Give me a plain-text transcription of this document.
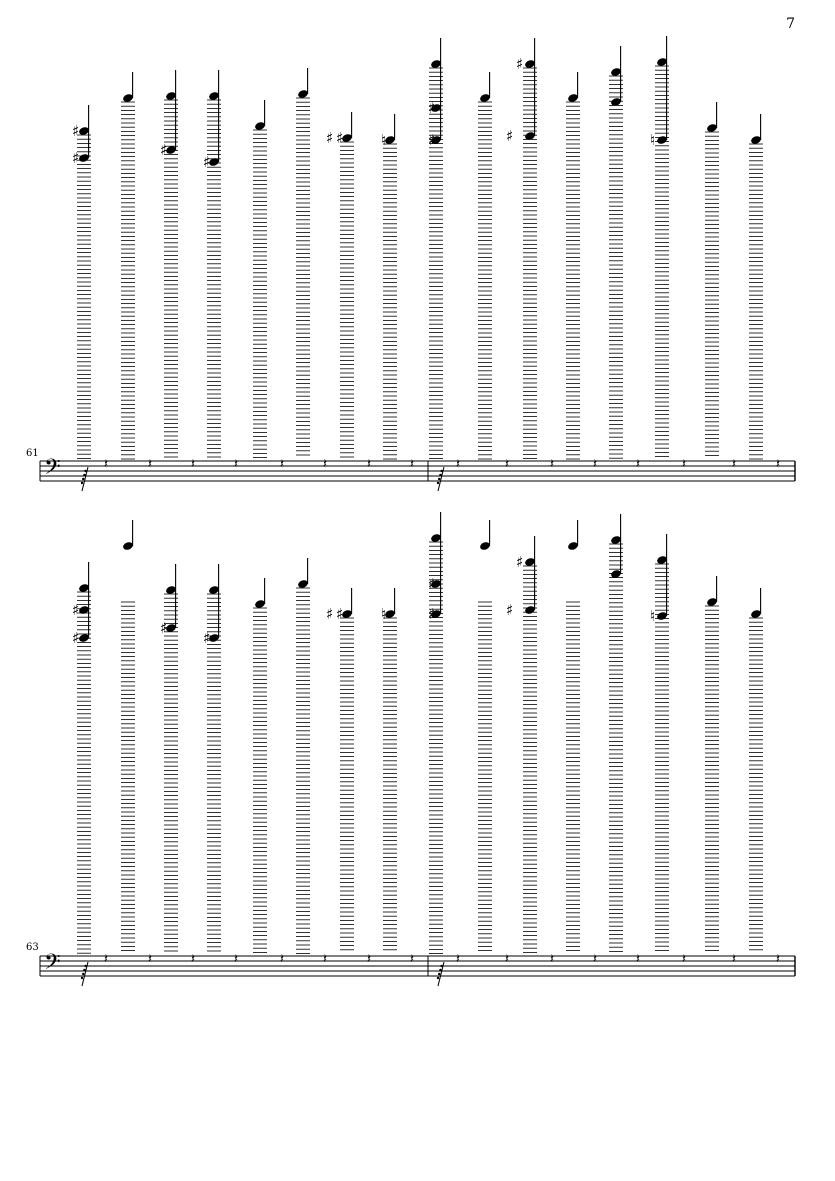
7
61
63
𝄢	𝄽
♯
♯
𝄽	𝄽
♯
𝄽
♯
𝄽	𝄽	𝄽
♯ ♯
𝄽
♮
𝄽
♯
♯
𝄽	𝄽
♯
♯
𝄽	𝄽	𝄽
♮
𝄽	𝄽
𝄢	𝄽
♯
♯
𝄽	𝄽
♯
𝄽
♯
𝄽	𝄽	𝄽
♯ ♯
𝄽
♮
𝄽
♯
♯
𝄽	𝄽
♯
♯
𝄽	𝄽	𝄽
♮
𝄽	𝄽
